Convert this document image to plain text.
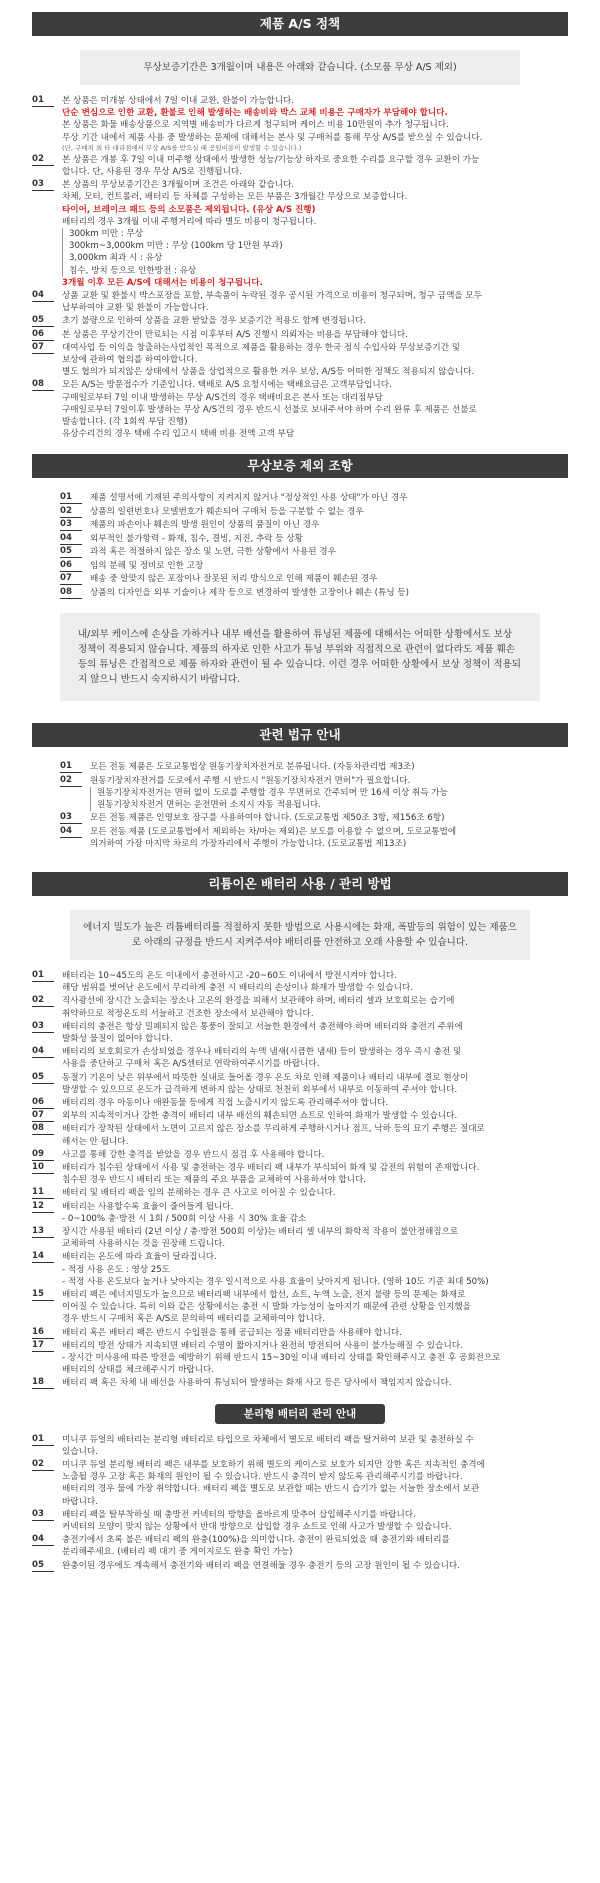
제품 A/S 정책
무상보증기간은 3개월이며 내용은 아래와 같습니다. (소모품 무상 A/S 제외)
01	본 상품은 미개봉 상태에서 7일 이내 교환, 환불이 가능합니다.
단순 변심으로 인한 교환, 환불로 인해 발생하는 배송비와 박스 교체 비용은 구매자가 부담해야 합니다.
본 상품은 화물 배송상품으로 지역별 배송비가 다르게 청구되며 케이스 비용 10만원이 추가 청구됩니다.
무상 기간 내에서 제품 사용 중 발생하는 문제에 대해서는 본사 및 구매처를 통해 무상 A/S를 받으실 수 있습니다.
(단, 구매처 외 타 대리점에서 무상 A/S를 받으실 때 공임비용이 발생할 수 있습니다.)
02	본 상품은 개봉 후 7일 이내 미주행 상태에서 발생한 성능/기능상 하자로 중요한 수리를 요구할 경우 교환이 가능
합니다. 단, 사용된 경우 무상 A/S로 진행됩니다.
03	본 상품의 무상보증기간은 3개월이며 조건은 아래와 같습니다.
차체, 모터, 컨트롤러, 배터리 등 차체를 구성하는 모든 부품은 3개월간 무상으로 보증합니다.
타이어, 브레이크 패드 등의 소모품은 제외됩니다. (유상 A/S 진행)
배터리의 경우 3개월 이내 주행거리에 따라 별도 비용이 청구됩니다.
300km 미만 : 무상
300km~3,000km 미만 : 무상 (100km 당 1만원 부과)
3,000km 최과 시 : 유상
침수, 방치 등으로 인한방전 : 유상
3개월 이후 모든 A/S에 대해서는 비용이 청구됩니다.
04	상품 교환 및 환불시 박스포장을 포함, 부속품이 누락된 경우 공시된 가격으로 비용이 청구되며, 청구 금액을 모두
납부하여야 교환 및 환불이 가능합니다.
05	초기 불량으로 인하여 상품을 교환 받았을 경우 보증기간 적용도 함께 변경됩니다.
06	본 상품은 무상기간이 만료되는 시점 이후부터 A/S 진행시 의뢰자는 비용을 부담해야 합니다.
07	대여사업 등 이익을 창출하는사업적인 목적으로 제품을 활용하는 경우 한국 정식 수입사와 무상보증기간 및
보상에 관하여 협의를 하여야합니다.
별도 협의가 되지않은 상태에서 상품을 상업적으로 활용한 거우 보상, A/S등 어떠한 정책도 적용되지 않습니다.
08	모든 A/S는 방문접수가 기준입니다. 택배로 A/S 요청시에는 택배요금은 고객부담입니다.
구매일로부터 7일 이내 발생하는 무상 A/S건의 경우 택배비요은 본사 또는 대리점부담
구매일로부터 7일이후 발생하는 무상 A/S건의 경우 반드시 선불로 보내주셔야 하며 수리 완류 후 제품은 선불로
발송합니다. (각 1회씩 부담 진행)
유상수리건의 경우 택배 수리 입고시 택배 비용 전액 고객 부담
무상보증 제외 조항
01	제품 설명서에 기재된 주의사항이 지켜지지 않거나 "정상적인 사용 상태"가 아닌 경우
02	상품의 일련번호나 모델번호가 훼손되어 구매처 등을 구분할 수 없는 경우
03	제품의 파손이나 훼손의 발생 원인이 상품의 품질이 아닌 경우
04	외부적인 불가항력 - 화재, 침수, 결빙, 지진, 추락 등 상황
05	과적 혹은 적절하지 않은 장소 및 노면, 극한 상황에서 사용된 경우
06	임의 분해 및 정비로 인한 고장
07	배송 중 알맞지 않은 포장이나 잘못된 처리 방식으로 인해 제품이 훼손된 경우
08	상품의 디자인을 외부 기술이나 제작 등으로 변경하여 발생한 고장이나 훼손 (튜닝 등)
내/외부 케이스에 손상을 가하거나 내부 배선을 활용하여 튜닝된 제품에 대해서는 어떠한 상황에서도 보상 정책이 적용되지 않습니다. 제품의 하자로 인한 사고가 튜닝 부위와 직접적으로 관련이 없다라도 제품 훼손 등의 튜닝은 간접적으로 제품 하자와 관련이 될 수 있습니다. 이런 경우 어떠한 상황에서 보상 정책이 적용되지 않으니 반드시 숙지하시기 바랍니다.
관련 법규 안내
01	모든 전동 제품은 도로교통법상 원동기장치자전거로 분류됩니다. (자동차관리법 제3조)
02	원동기장치자전거를 도로에서 주행 시 반드시 "원동기장치자전거 면허"가 필요합니다.
원동기장치자전거는 면허 없이 도로를 주행할 경우 무면허로 간주되며 만 16세 이상 취득 가능
원동기장치자전거 면허는 운전면허 소지시 자동 적용됩니다.
03	모든 전동 제품은 인명보호 장구를 사용하여야 합니다. (도로교통법 제50조 3항, 제156조 6항)
04	모든 전동 제품 (도로교통법에서 제외하는 차/마는 제외)은 보도를 이용할 수 없으며, 도로교통법에
의거하여 가장 마지막 차로의 가장자리에서 주행이 가능합니다. (도로교통법 제13조)
리튬이온 배터리 사용 / 관리 방법
에너지 밀도가 높은 리튬배터리를 적절하지 못한 방법으로 사용시에는 화재, 폭발등의 위험이 있는 제품으로 아래의 규정을 반드시 지켜주셔야 배터리를 안전하고 오래 사용할 수 있습니다.
01	배터리는 10~45도의 온도 이내에서 충전하시고 -20~60도 이내에서 방전시켜야 합니다.
해당 범위를 벗어난 온도에서 무리하게 충전 시 배터리의 손상이나 화재가 발생할 수 있습니다.
02	직사광선에 장시간 노출되는 장소나 고온의 환경을 피해서 보관해야 하며, 배터리 셀과 보호회로는 습기에
취약하므로 적정온도의 서늘하고 건조한 장소에서 보관해야 합니다.
03	배터리의 충전은 항상 밀폐되지 않은 통풍이 잘되고 서늘한 환경에서 충전해야 하며 배터리와 충전기 주위에
발화성 물질이 없어야 합니다.
04	배터리의 보호회로가 손상되었을 경우나 배터리의 누액 냄새(시큼한 냄새) 등이 발생하는 경우 즉시 충전 및
사용을 중단하고 구매처 혹은 A/S센터로 연락하여주시기를 바랍니다.
05	동절기 기온이 낮은 위부에서 따뜻한 실내로 들어올 경우 온도 차로 인해 제품이나 배터리 내부에 결로 현상이
발생할 수 있으므로 온도가 급격하게 변하지 않는 상태로 천천히 외부에서 내부로 이동하여 주셔야 합니다.
06	배터리의 경우 아동이나 애완동물 등에게 직접 노출시키지 않도록 관리해주셔야 합니다.
07	외부의 지속적이거나 강한 충격이 배터리 내부 배선의 훼손되면 쇼트로 인하여 화재가 발생할 수 있습니다.
08	배터리가 장착된 상태에서 노면이 고르지 않은 장소를 무리하게 주행하시거나 점프, 낙하 등의 묘기 주행은 절대로
해서는 안 됩니다.
09	사고를 통해 강한 충격을 받았을 경우 반드시 점검 후 사용해야 합니다.
10	배터리가 침수된 상태에서 사용 및 충전하는 경우 배터리 팩 내부가 부식되어 화재 및 감전의 위험이 존재합니다.
침수된 경우 반드시 배터리 또는 제품의 주요 부품을 교체하여 사용하셔야 합니다.
11	배터리 및 배터리 팩을 임의 분해하는 경우 큰 사고로 이어질 수 있습니다.
12	배터리는 사용할수록 효율이 줄어들게 됩니다.
- 0~100% 충·방전 시 1회 / 500회 이상 사용 시 30% 효율 감소
13	장시간 사용된 배터리 (2년 이상 / 충·방전 500회 이상)는 배터리 셀 내부의 화학적 작용이 불안정해짐으로
교체하여 사용하시는 것을 권장해 드립니다.
14	배터리는 온도에 따라 효율이 달라집니다.
- 적정 사용 온도 : 영상 25도
- 적정 사용 온도보다 높거나 낮아지는 경우 일시적으로 사용 효율이 낮아지게 됩니다. (영하 10도 기준 최대 50%)
15	배터리 팩은 에너지밀도가 높으므로 배터리팩 내부에서 합선, 쇼트, 누액 노출, 전지 불량 등의 문제는 화재로
이어질 수 있습니다. 특히 이와 같은 상황에서는 충전 시 발화 가능성이 높아지기 때문에 관련 상황을 인지했을
경우 반드시 구매처 혹은 A/S로 문의하여 배터리를 교체하여야 합니다.
16	배터리 혹은 배터리 팩은 반드시 수입원을 통해 공급되는 정품 배터리만을 사용해야 합니다.
17	배터리의 방전 상태가 지속되면 배터리 수명이 짧아지거나 완전히 방전되어 사용이 불가능해질 수 있습니다.
- 장시간 미사용에 따른 방전을 예방하기 위해 반드시 15~30일 이내 배터리 상태를 확인해주시고 충전 후 공회전으로
배터리의 상태를 체크해주시기 바랍니다.
18	배터리 팩 혹은 차체 내 배선을 사용하여 튜닝되어 발생하는 화재 사고 등은 당사에서 책임지지 않습니다.
분리형 배터리 관리 안내
01	미니쿠 듀얼의 배터리는 분리형 배터리로 타입으로 차체에서 별도로 배터리 팩을 탈거하여 보관 및 충전하실 수
있습니다.
02	미니쿠 듀얼 분리형 배터리 팩은 내부를 보호하기 위해 별도의 케이스로 보호가 되지만 강한 혹은 지속적인 충격에
노출될 경우 고장 혹은 화재의 원인이 될 수 있습니다. 반드시 충격이 받지 않도록 관리해주시기를 바랍니다.
배터리의 경우 물에 가장 취약합니다. 배터리 팩을 별도로 보관할 때는 반드시 습기가 없는 서늘한 장소에서 보관
바랍니다.
03	배터리 팩을 탈부착하실 때 충방전 커넥터의 방향을 올바르게 맞추어 삽입해주시기를 바랍니다.
커넥터의 모양이 맞지 않는 상황에서 반대 방향으로 삽입할 경우 쇼트로 인해 사고가 발생할 수 있습니다.
04	충전기에서 초록 불은 배터리 팩의 완충(100%)을 의미합니다. 충전이 완료되었을 때 충전기와 배터리를
분리해주세요. (배터리 팩 대기 중 게이지로도 완충 확인 가능)
05	완충이된 경우에도 계속해서 충전기와 배터리 팩을 연결해둘 경우 충전기 등의 고장 원인이 될 수 있습니다.
